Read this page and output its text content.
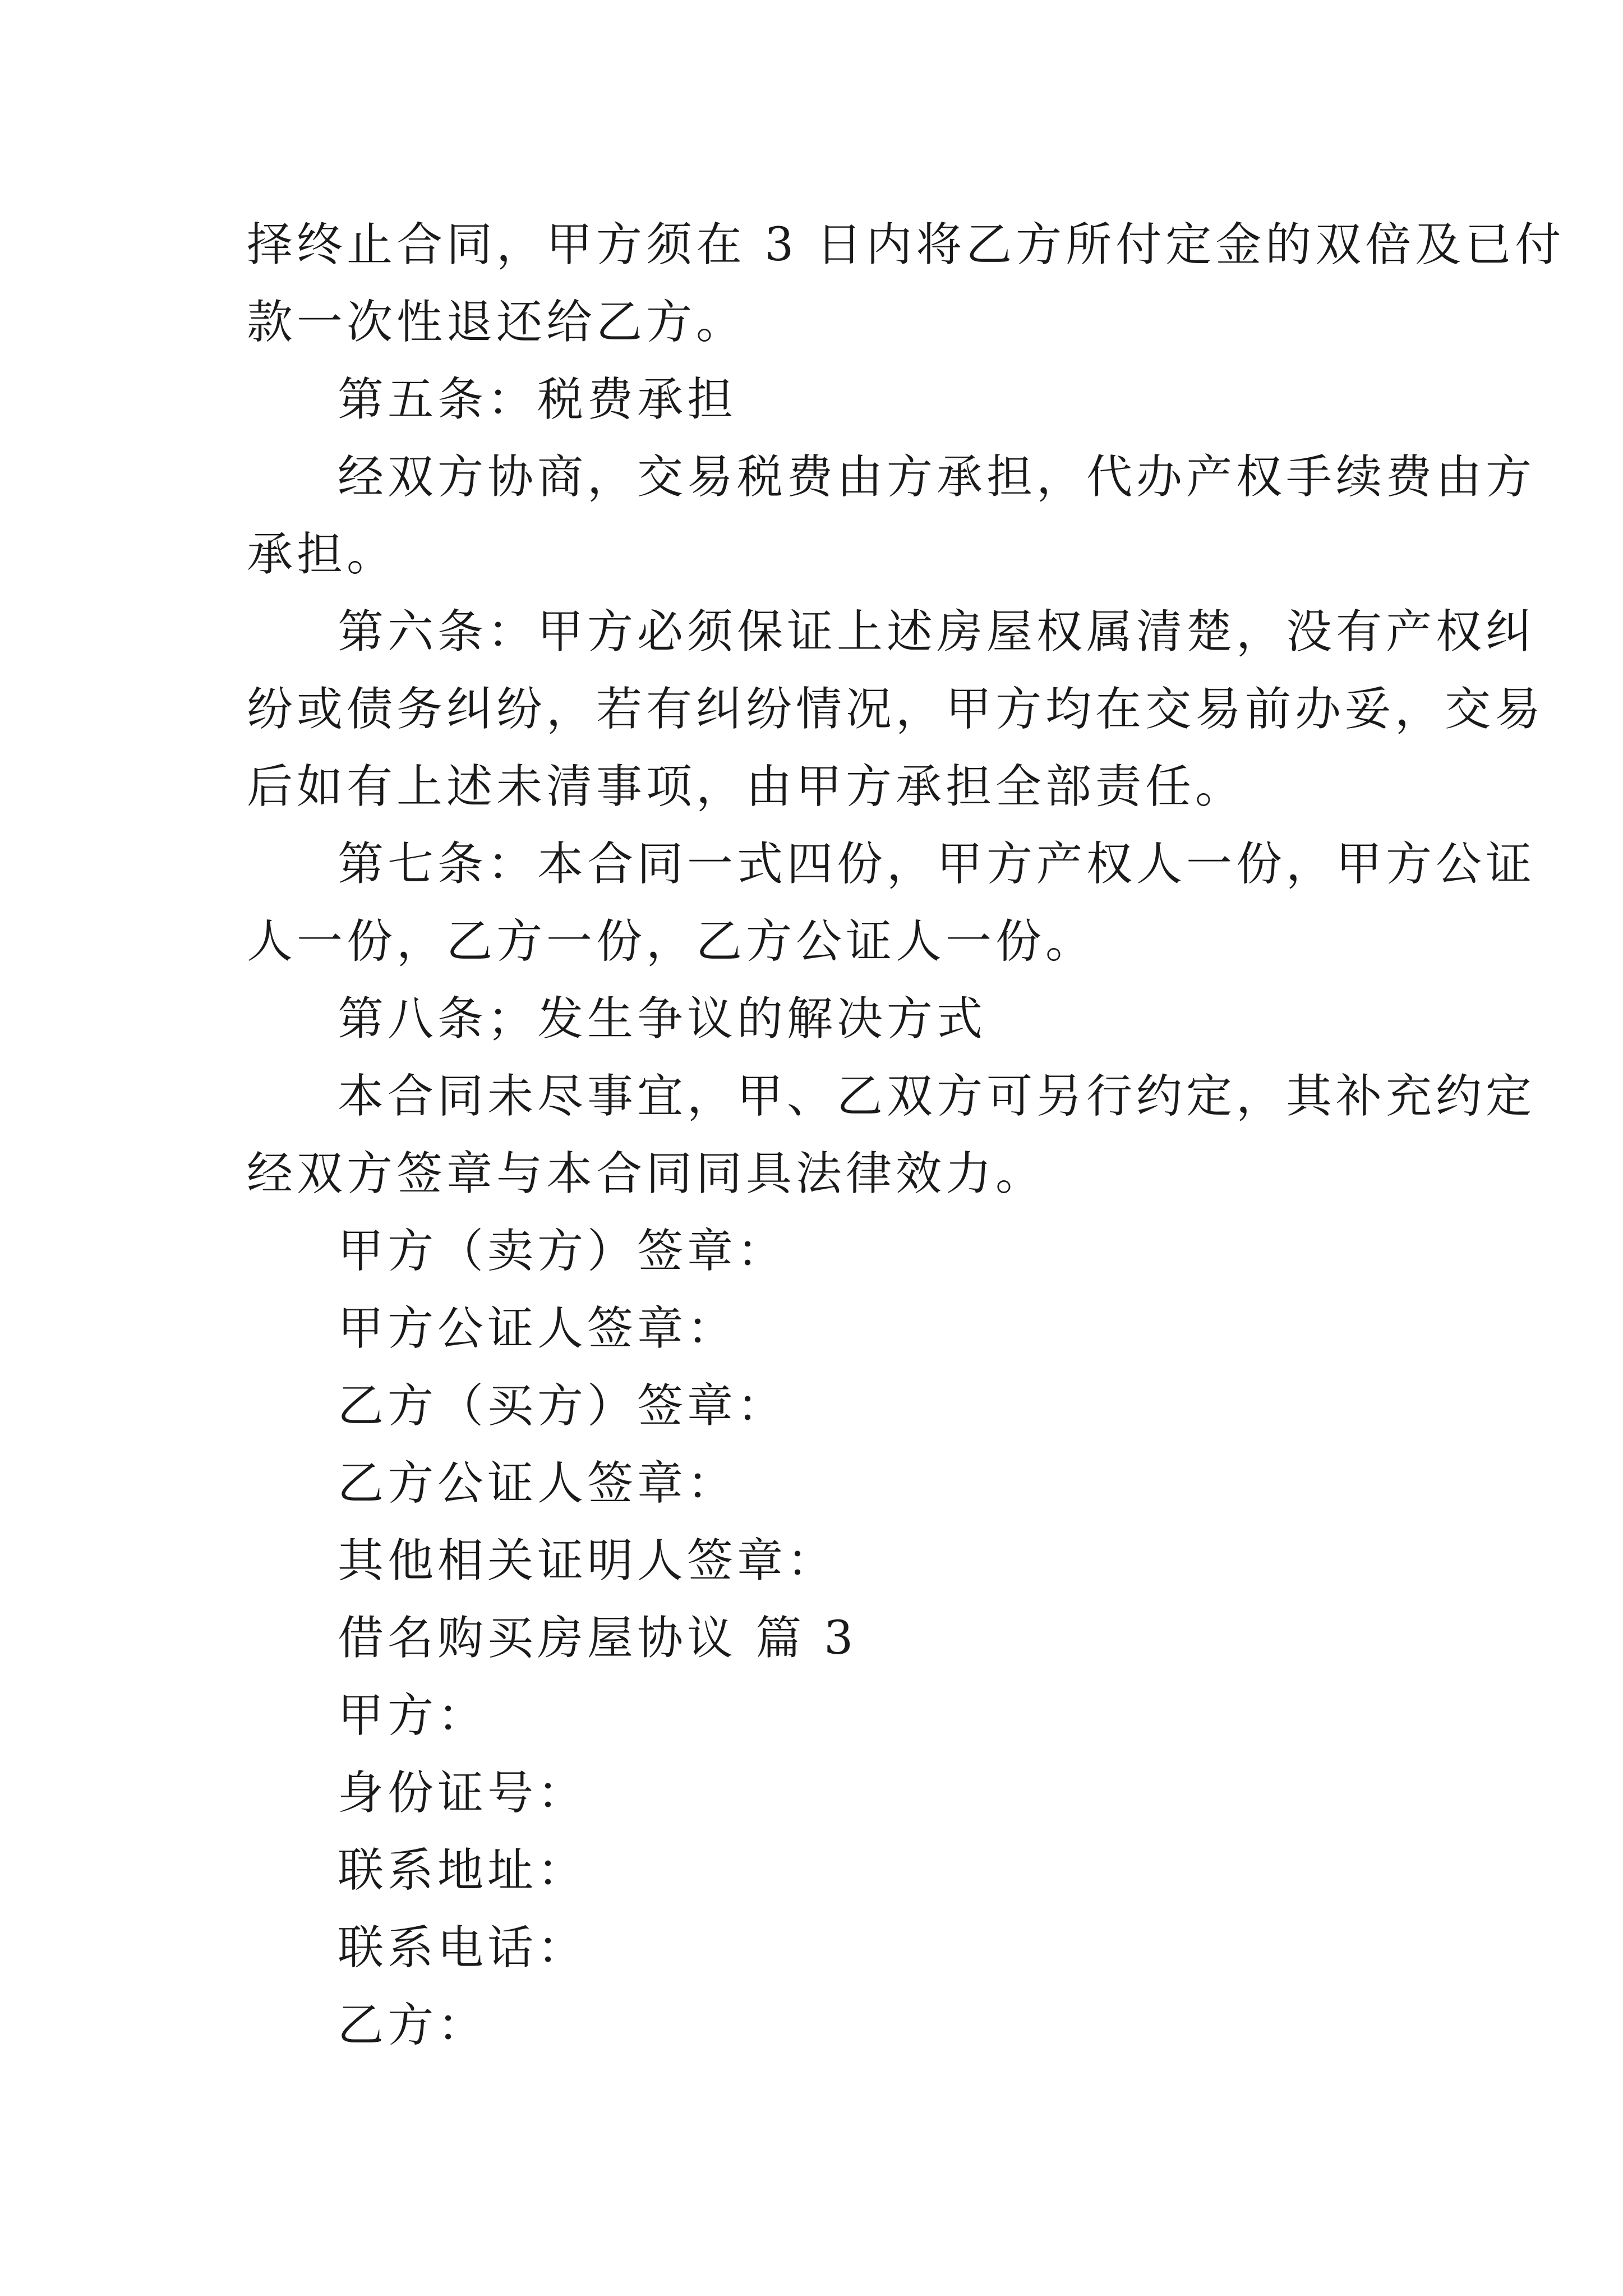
择终止合同，甲方须在 3 日内将乙方所付定金的双倍及已付
款一次性退还给乙方。
第五条：税费承担
经双方协商，交易税费由方承担，代办产权手续费由方
承担。
第六条：甲方必须保证上述房屋权属清楚，没有产权纠
纷或债务纠纷，若有纠纷情况，甲方均在交易前办妥，交易
后如有上述未清事项，由甲方承担全部责任。
第七条：本合同一式四份，甲方产权人一份，甲方公证
人一份，乙方一份，乙方公证人一份。
第八条；发生争议的解决方式
本合同未尽事宜，甲、乙双方可另行约定，其补充约定
经双方签章与本合同同具法律效力。
甲方（卖方）签章：
甲方公证人签章：
乙方（买方）签章：
乙方公证人签章：
其他相关证明人签章：
借名购买房屋协议 篇 3
甲方：
身份证号：
联系地址：
联系电话：
乙方：
